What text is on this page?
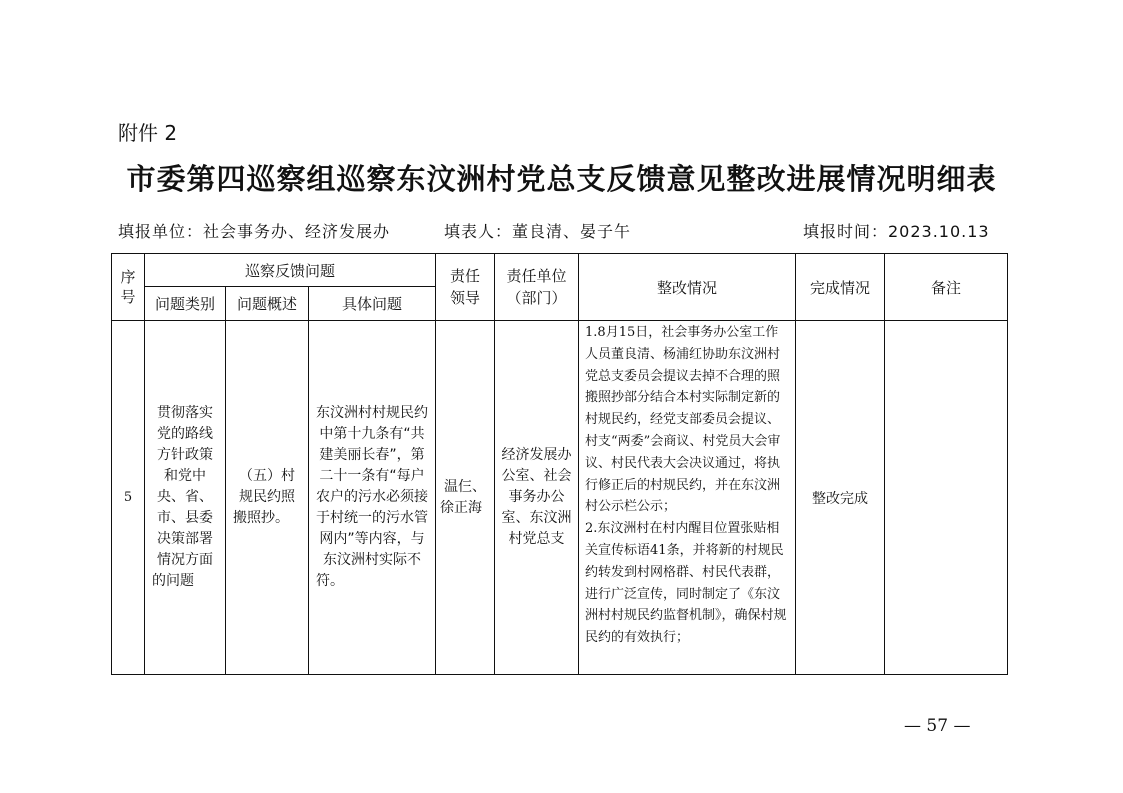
附件 2
市委第四巡察组巡察东汶洲村党总支反馈意见整改进展情况明细表
填报单位：社会事务办、经济发展办	填表人：董良清、晏子午	填报时间：2023.10.13
序号	巡察反馈问题			责任领导	责任单位（部门）	整改情况	完成情况	备注
	问题类别	问题概述	具体问题					
5	贯彻落实党的路线方针政策和党中央、省、市、县委决策部署情况方面的问题	（五）村规民约照搬照抄。	东汶洲村村规民约中第十九条有“共建美丽长春”，第二十一条有“每户农户的污水必须接于村统一的污水管网内”等内容，与东汶洲村实际不符。	温仨、徐正海	经济发展办公室、社会事务办公室、东汶洲村党总支	1.8月15日，社会事务办公室工作人员董良清、杨浦红协助东汶洲村党总支委员会提议去掉不合理的照搬照抄部分结合本村实际制定新的村规民约，经党支部委员会提议、村支“两委”会商议、村党员大会审议、村民代表大会决议通过，将执行修正后的村规民约，并在东汶洲村公示栏公示；
2.东汶洲村在村内醒目位置张贴相关宣传标语41条，并将新的村规民约转发到村网格群、村民代表群，进行广泛宣传，同时制定了《东汶洲村村规民约监督机制》，确保村规民约的有效执行；	整改完成	
— 57 —
